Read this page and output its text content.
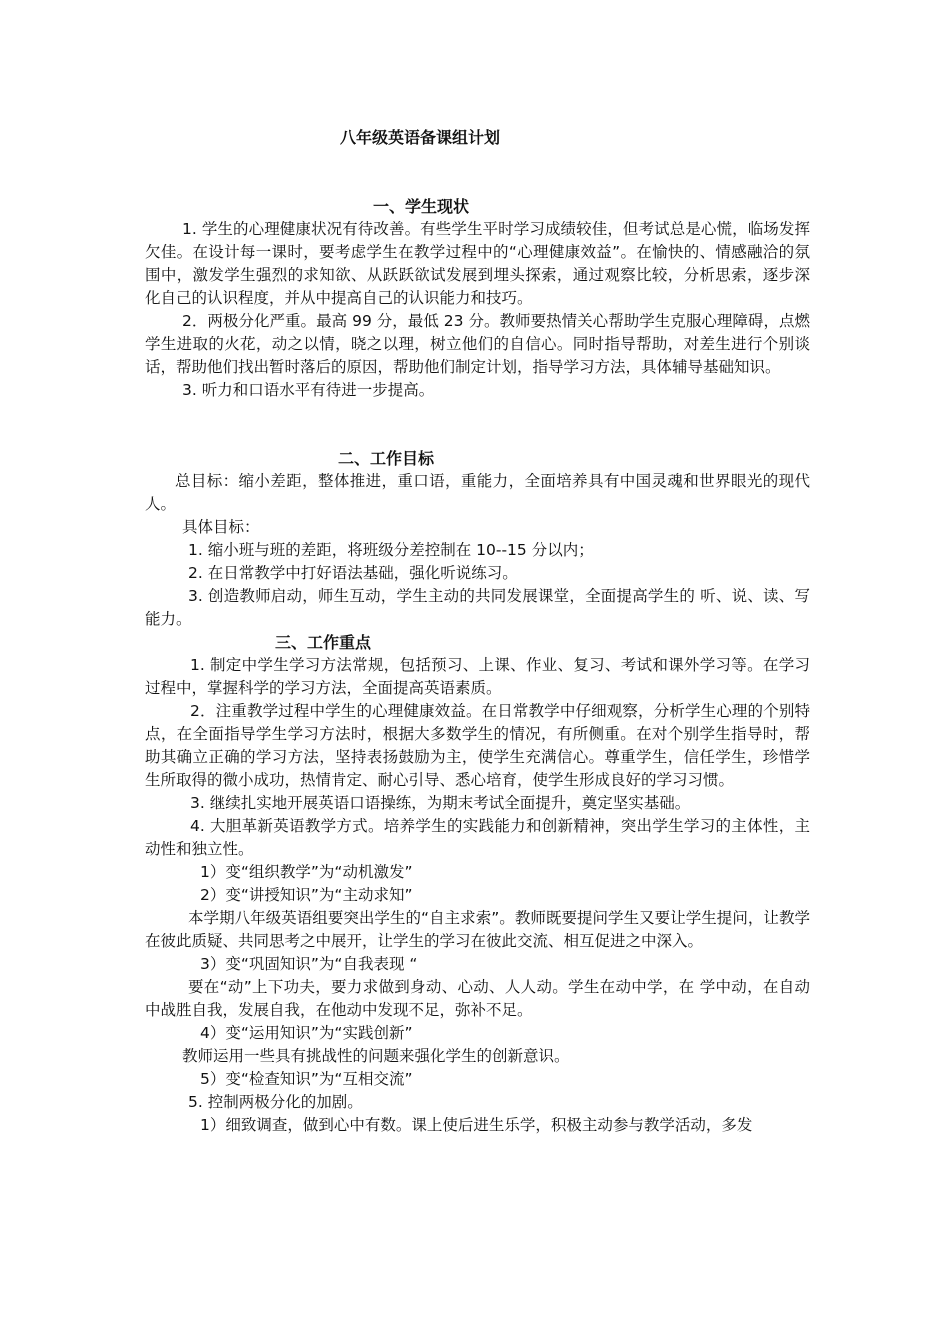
八年级英语备课组计划

一、学生现状

1. 学生的心理健康状况有待改善。有些学生平时学习成绩较佳，但考试总是心慌，临场发挥欠佳。在设计每一课时，要考虑学生在教学过程中的“心理健康效益”。在愉快的、情感融洽的氛围中，激发学生强烈的求知欲、从跃跃欲试发展到埋头探索，通过观察比较，分析思索，逐步深化自己的认识程度，并从中提高自己的认识能力和技巧。

2．两极分化严重。最高 99 分，最低 23 分。教师要热情关心帮助学生克服心理障碍，点燃学生进取的火花，动之以情，晓之以理，树立他们的自信心。同时指导帮助，对差生进行个别谈话，帮助他们找出暂时落后的原因，帮助他们制定计划，指导学习方法，具体辅导基础知识。

3. 听力和口语水平有待进一步提高。

二、工作目标

总目标：缩小差距，整体推进，重口语，重能力，全面培养具有中国灵魂和世界眼光的现代人。

具体目标：

1. 缩小班与班的差距，将班级分差控制在 10--15 分以内；

2. 在日常教学中打好语法基础，强化听说练习。

3. 创造教师启动，师生互动，学生主动的共同发展课堂，全面提高学生的 听、说、读、写能力。

三、工作重点

1. 制定中学生学习方法常规，包括预习、上课、作业、复习、考试和课外学习等。在学习过程中，掌握科学的学习方法，全面提高英语素质。

2．注重教学过程中学生的心理健康效益。在日常教学中仔细观察，分析学生心理的个别特点，在全面指导学生学习方法时，根据大多数学生的情况，有所侧重。在对个别学生指导时，帮助其确立正确的学习方法，坚持表扬鼓励为主，使学生充满信心。尊重学生，信任学生，珍惜学生所取得的微小成功，热情肯定、耐心引导、悉心培育，使学生形成良好的学习习惯。

3. 继续扎实地开展英语口语操练，为期末考试全面提升，奠定坚实基础。

4. 大胆革新英语教学方式。培养学生的实践能力和创新精神，突出学生学习的主体性，主动性和独立性。

1）变“组织教学”为“动机激发”

2）变“讲授知识”为“主动求知”

本学期八年级英语组要突出学生的“自主求索”。教师既要提问学生又要让学生提问，让教学在彼此质疑、共同思考之中展开，让学生的学习在彼此交流、相互促进之中深入。

3）变“巩固知识”为“自我表现 “

要在“动”上下功夫，要力求做到身动、心动、人人动。学生在动中学，在 学中动，在自动中战胜自我，发展自我，在他动中发现不足，弥补不足。

4）变“运用知识”为“实践创新”

教师运用一些具有挑战性的问题来强化学生的创新意识。

5）变“检查知识”为“互相交流”

5. 控制两极分化的加剧。

1）细致调查，做到心中有数。课上使后进生乐学，积极主动参与教学活动，多发
